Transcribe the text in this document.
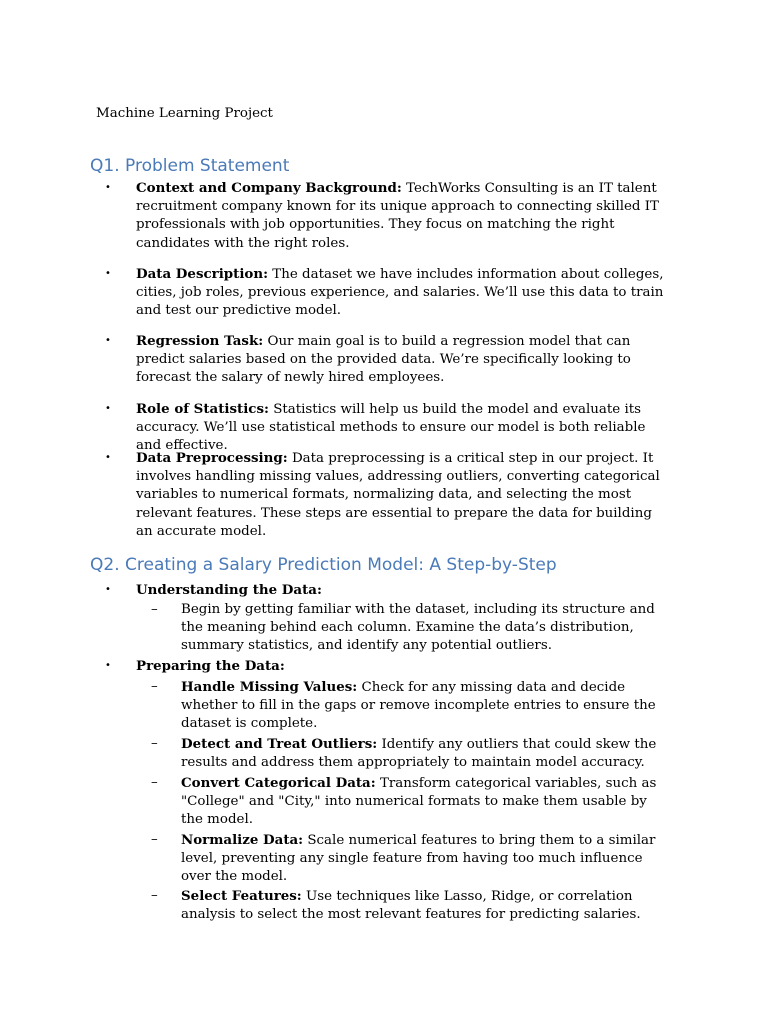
Machine Learning Project
Q1. Problem Statement
• Context and Company Background: TechWorks Consulting is an IT talent recruitment company known for its unique approach to connecting skilled IT professionals with job opportunities. They focus on matching the right candidates with the right roles.
• Data Description: The dataset we have includes information about colleges, cities, job roles, previous experience, and salaries. We’ll use this data to train and test our predictive model.
• Regression Task: Our main goal is to build a regression model that can predict salaries based on the provided data. We’re specifically looking to forecast the salary of newly hired employees.
• Role of Statistics: Statistics will help us build the model and evaluate its accuracy. We’ll use statistical methods to ensure our model is both reliable and effective.
• Data Preprocessing: Data preprocessing is a critical step in our project. It involves handling missing values, addressing outliers, converting categorical variables to numerical formats, normalizing data, and selecting the most relevant features. These steps are essential to prepare the data for building an accurate model.
Q2. Creating a Salary Prediction Model: A Step-by-Step
• Understanding the Data:
– Begin by getting familiar with the dataset, including its structure and the meaning behind each column. Examine the data’s distribution, summary statistics, and identify any potential outliers.
• Preparing the Data:
– Handle Missing Values: Check for any missing data and decide whether to fill in the gaps or remove incomplete entries to ensure the dataset is complete.
– Detect and Treat Outliers: Identify any outliers that could skew the results and address them appropriately to maintain model accuracy.
– Convert Categorical Data: Transform categorical variables, such as "College" and "City," into numerical formats to make them usable by the model.
– Normalize Data: Scale numerical features to bring them to a similar level, preventing any single feature from having too much influence over the model.
– Select Features: Use techniques like Lasso, Ridge, or correlation analysis to select the most relevant features for predicting salaries.
